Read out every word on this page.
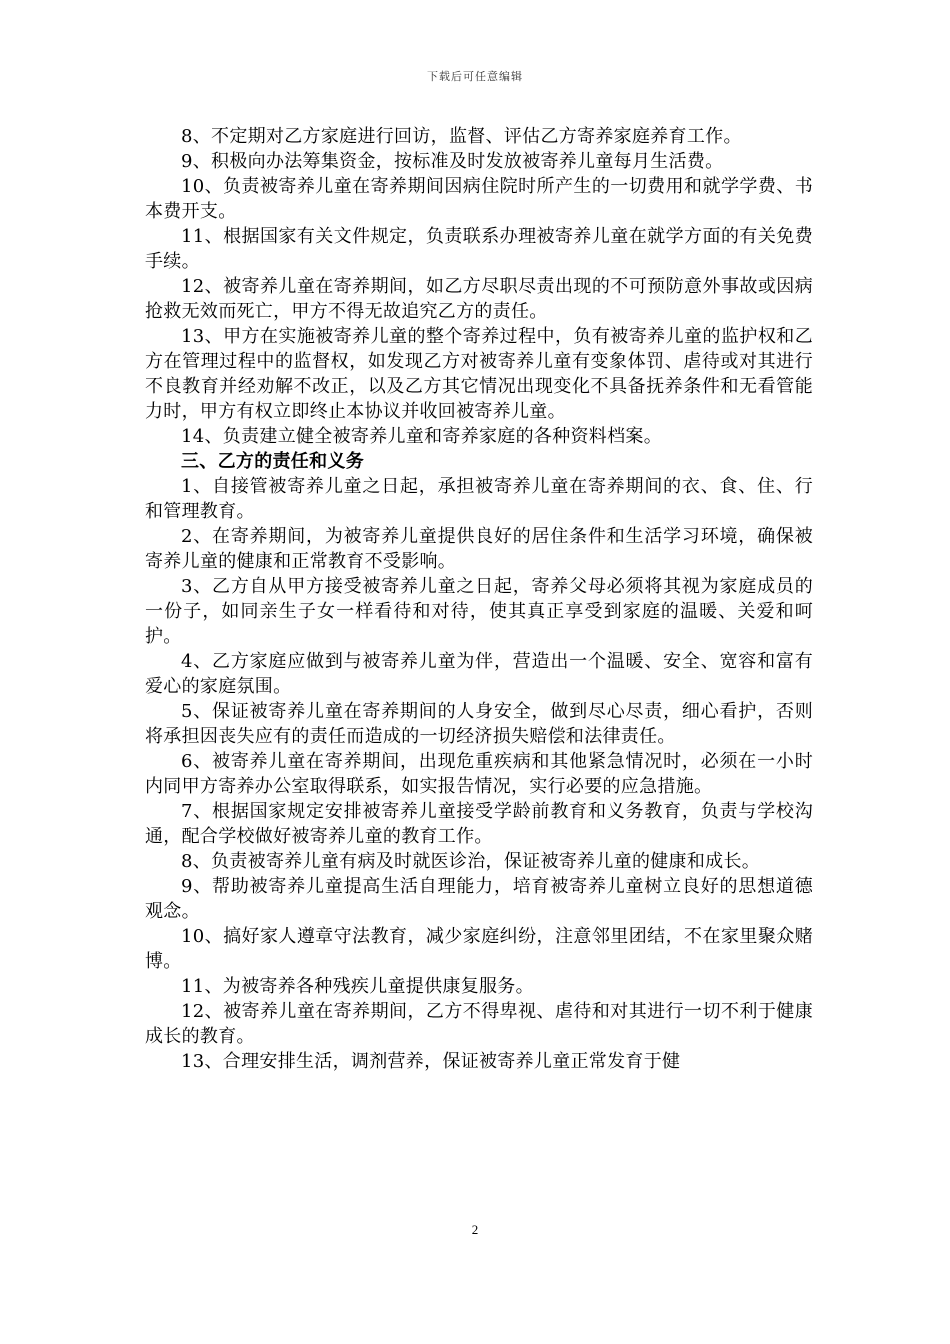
下载后可任意编辑

8、不定期对乙方家庭进行回访，监督、评估乙方寄养家庭养育工作。

9、积极向办法筹集资金，按标准及时发放被寄养儿童每月生活费。

10、负责被寄养儿童在寄养期间因病住院时所产生的一切费用和就学学费、书本费开支。

11、根据国家有关文件规定，负责联系办理被寄养儿童在就学方面的有关免费手续。

12、被寄养儿童在寄养期间，如乙方尽职尽责出现的不可预防意外事故或因病抢救无效而死亡，甲方不得无故追究乙方的责任。

13、甲方在实施被寄养儿童的整个寄养过程中，负有被寄养儿童的监护权和乙方在管理过程中的监督权，如发现乙方对被寄养儿童有变象体罚、虐待或对其进行不良教育并经劝解不改正，以及乙方其它情况出现变化不具备抚养条件和无看管能力时，甲方有权立即终止本协议并收回被寄养儿童。

14、负责建立健全被寄养儿童和寄养家庭的各种资料档案。

三、乙方的责任和义务

1、自接管被寄养儿童之日起，承担被寄养儿童在寄养期间的衣、食、住、行和管理教育。

2、在寄养期间，为被寄养儿童提供良好的居住条件和生活学习环境，确保被寄养儿童的健康和正常教育不受影响。

3、乙方自从甲方接受被寄养儿童之日起，寄养父母必须将其视为家庭成员的一份子，如同亲生子女一样看待和对待，使其真正享受到家庭的温暖、关爱和呵护。

4、乙方家庭应做到与被寄养儿童为伴，营造出一个温暖、安全、宽容和富有爱心的家庭氛围。

5、保证被寄养儿童在寄养期间的人身安全，做到尽心尽责，细心看护，否则将承担因丧失应有的责任而造成的一切经济损失赔偿和法律责任。

6、被寄养儿童在寄养期间，出现危重疾病和其他紧急情况时，必须在一小时内同甲方寄养办公室取得联系，如实报告情况，实行必要的应急措施。

7、根据国家规定安排被寄养儿童接受学龄前教育和义务教育，负责与学校沟通，配合学校做好被寄养儿童的教育工作。

8、负责被寄养儿童有病及时就医诊治，保证被寄养儿童的健康和成长。

9、帮助被寄养儿童提高生活自理能力，培育被寄养儿童树立良好的思想道德观念。

10、搞好家人遵章守法教育，减少家庭纠纷，注意邻里团结，不在家里聚众赌博。

11、为被寄养各种残疾儿童提供康复服务。

12、被寄养儿童在寄养期间，乙方不得卑视、虐待和对其进行一切不利于健康成长的教育。

13、合理安排生活，调剂营养，保证被寄养儿童正常发育于健

2
